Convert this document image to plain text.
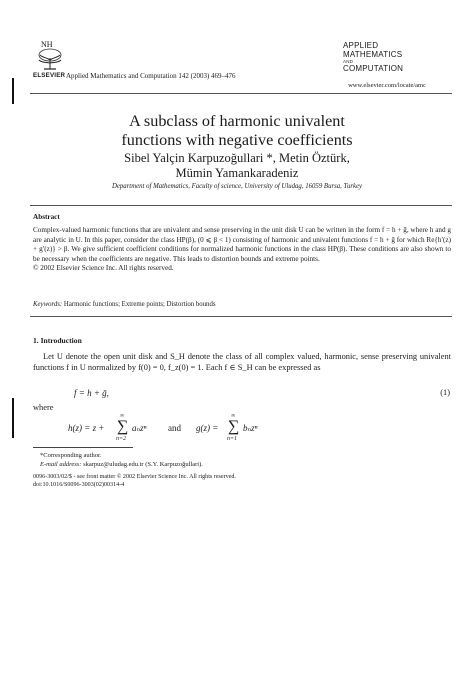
NH
ELSEVIER Applied Mathematics and Computation 142 (2003) 469–476
www.elsevier.com/locate/amc
APPLIED
MATHEMATICS
AND
COMPUTATION
A subclass of harmonic univalent
functions with negative coefficients
Sibel Yalçin Karpuzoğullari *, Metin Öztürk,
Mümin Yamankaradeniz
Department of Mathematics, Faculty of science, University of Uludag, 16059 Bursa, Turkey
Abstract
Complex-valued harmonic functions that are univalent and sense preserving in the unit disk U can be written in the form f = h + ḡ, where h and g are analytic in U. In this paper, consider the class HP(β), (0 ⩽ β < 1) consisting of harmonic and univalent functions f = h + ḡ for which Re{h′(z) + g′(z)} > β. We give sufficient coefficient conditions for normalized harmonic functions in the class HP(β). These conditions are also shown to be necessary when the coefficients are negative. This leads to distortion bounds and extreme points.
© 2002 Elsevier Science Inc. All rights reserved.
Keywords: Harmonic functions; Extreme points; Distortion bounds
1. Introduction
Let U denote the open unit disk and S_H denote the class of all complex valued, harmonic, sense preserving univalent functions f in U normalized by f(0) = 0, f_z(0) = 1. Each f ∈ S_H can be expressed as
f = h + ḡ,	(1)
where
h(z) = z +
∞
∑
n=2
aₙzⁿ and g(z) =
∞
∑
n=1
bₙzⁿ
*Corresponding author.
E-mail address: skarpuz@uludag.edu.tr (S.Y. Karpuzoğullari).
0096-3003/02/$ - see front matter © 2002 Elsevier Science Inc. All rights reserved.
doi:10.1016/S0096-3003(02)00314-4
